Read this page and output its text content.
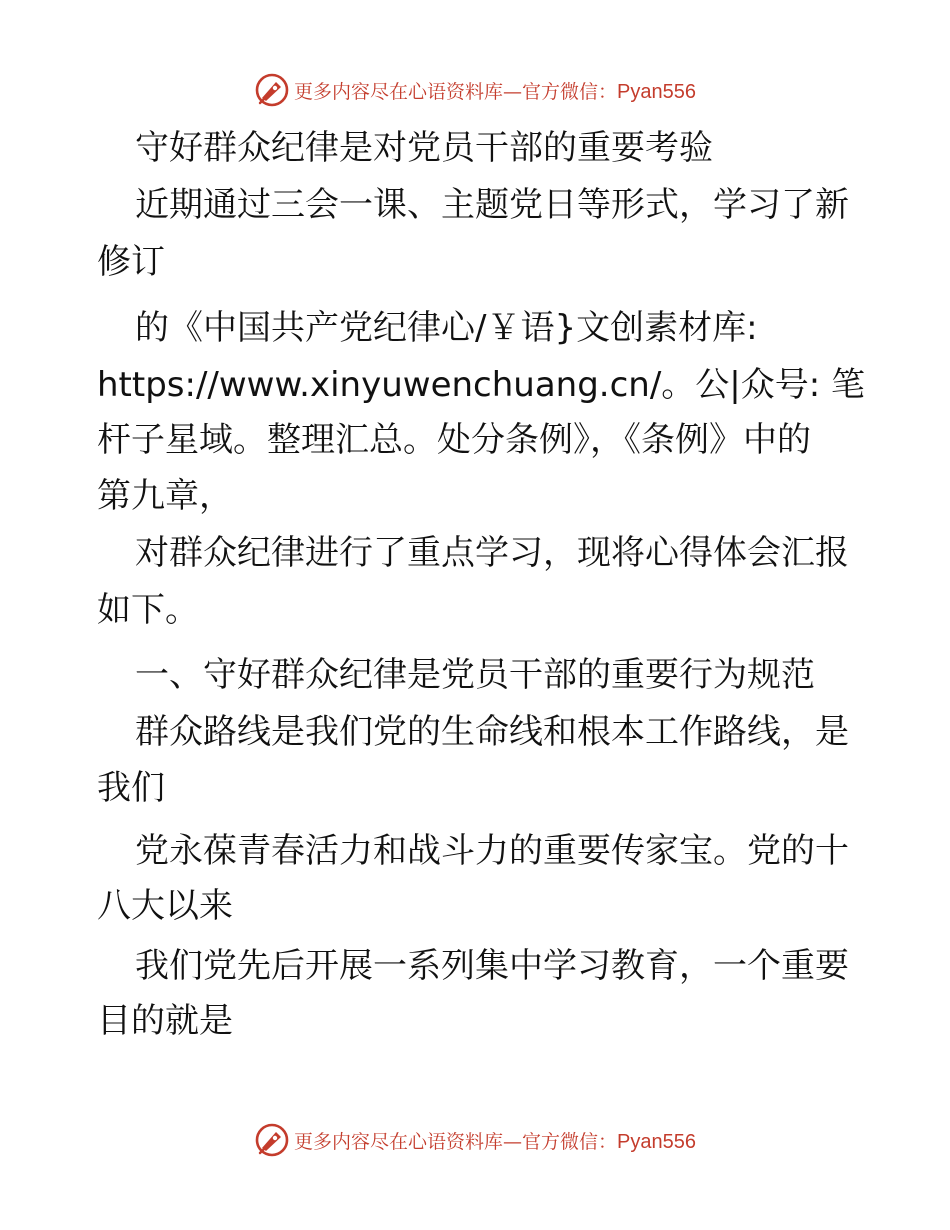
更多内容尽在心语资料库—官方微信：Pyan556
守好群众纪律是对党员干部的重要考验
近期通过三会一课、主题党日等形式，学习了新
修订
的《中国共产党纪律心/￥语}文创素材库:
https://www.xinyuwenchuang.cn/。公|众号: 笔
杆子星域。整理汇总。处分条例》，《条例》中的
第九章，
对群众纪律进行了重点学习，现将心得体会汇报
如下。
一、守好群众纪律是党员干部的重要行为规范
群众路线是我们党的生命线和根本工作路线，是
我们
党永葆青春活力和战斗力的重要传家宝。党的十
八大以来
我们党先后开展一系列集中学习教育，一个重要
目的就是
更多内容尽在心语资料库—官方微信：Pyan556
